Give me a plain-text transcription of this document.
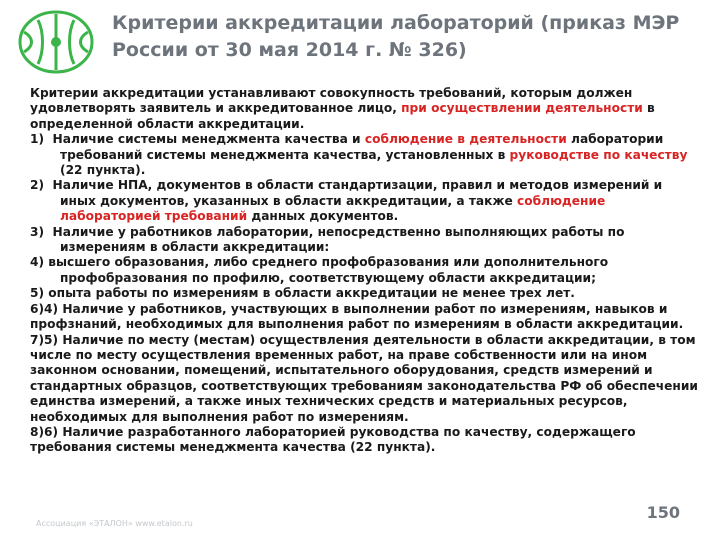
Критерии аккредитации лабораторий (приказ МЭР России от 30 мая 2014 г. № 326)

Критерии аккредитации устанавливают совокупность требований, которым должен удовлетворять заявитель и аккредитованное лицо, при осуществлении деятельности в определенной области аккредитации.

1)  Наличие системы менеджмента качества и соблюдение в деятельности лаборатории требований системы менеджмента качества, установленных в руководстве по качеству (22 пункта).

2)  Наличие НПА, документов в области стандартизации, правил и методов измерений и иных документов, указанных в области аккредитации, а также соблюдение лабораторией требований данных документов.

3)  Наличие у работников лаборатории, непосредственно выполняющих работы по измерениям в области аккредитации:

4) высшего образования, либо среднего профобразования или дополнительного профобразования по профилю, соответствующему области аккредитации;

5) опыта работы по измерениям в области аккредитации не менее трех лет.

6)4) Наличие у работников, участвующих в выполнении работ по измерениям, навыков и профзнаний, необходимых для выполнения работ по измерениям в области аккредитации.

7)5) Наличие по месту (местам) осуществления деятельности в области аккредитации, в том числе по месту осуществления временных работ, на праве собственности или на ином законном основании, помещений, испытательного оборудования, средств измерений и стандартных образцов, соответствующих требованиям законодательства РФ об обеспечении единства измерений, а также иных технических средств и материальных ресурсов, необходимых для выполнения работ по измерениям.

8)6) Наличие разработанного лабораторией руководства по качеству, содержащего требования системы менеджмента качества (22 пункта).

150
Ассоциация «ЭТАЛОН» www.etalon.ru
